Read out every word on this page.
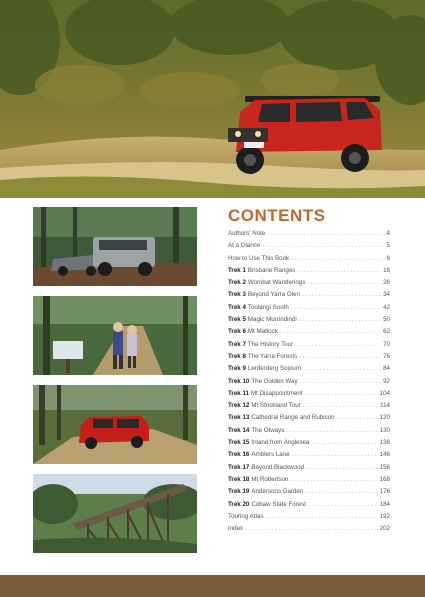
CONTENTS
Authors' Note .....	4
At a Glance .....	5
How to Use This Book .....	6
Trek 1 Brisbane Ranges .....	16
Trek 2 Wombat Wanderings .....	26
Trek 3 Beyond Yarra Glen .....	34
Trek 4 Toolangi South .....	42
Trek 5 Magic Murrindindi .....	50
Trek 6 Mt Matlock .....	62
Trek 7 The History Tour .....	70
Trek 8 The Yarra Forests .....	76
Trek 9 Lerderderg Sojourn .....	84
Trek 10 The Golden Way .....	92
Trek 11 Mt Disappointment .....	104
Trek 12 Mt Strickland Tour .....	114
Trek 13 Cathedral Range and Rubicon .....	120
Trek 14 The Otways .....	130
Trek 15 Inland from Anglesea .....	138
Trek 16 Amblers Lane .....	146
Trek 17 Beyond Blackwood .....	156
Trek 18 Mt Robertson .....	168
Trek 19 Andersons Garden .....	176
Trek 20 Cobaw State Forest .....	184
Touring Atlas .....	192
Index .....	202
